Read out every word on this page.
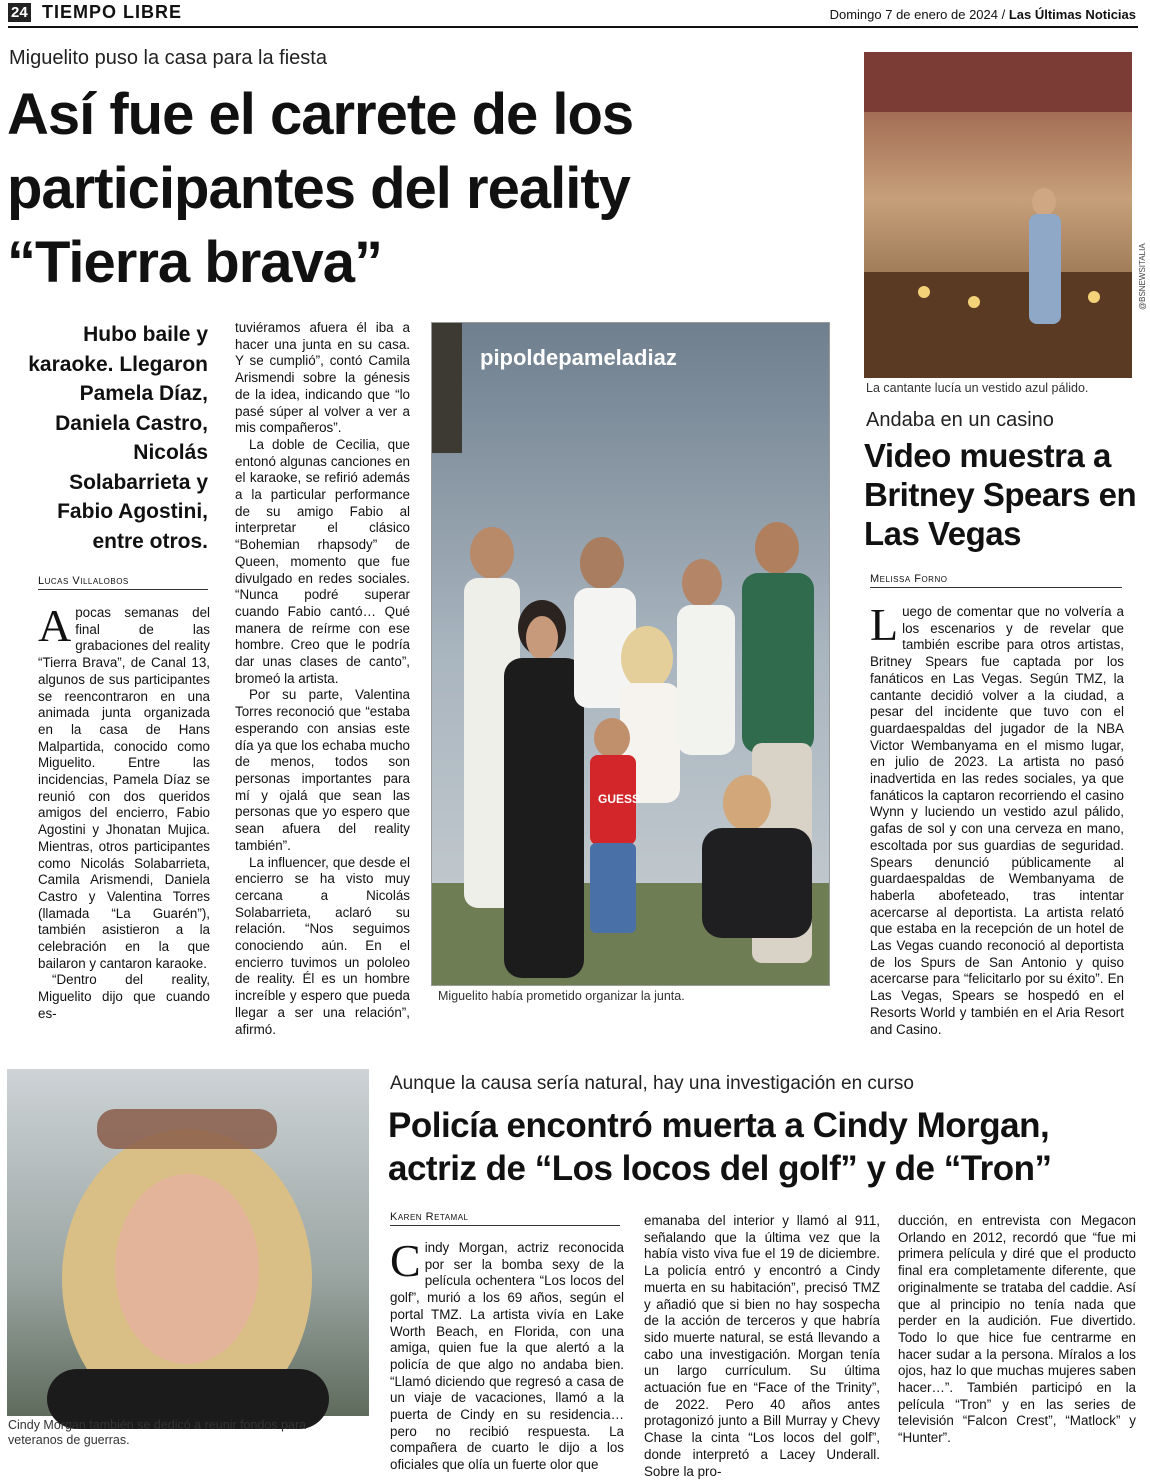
24 TIEMPO LIBRE	Domingo 7 de enero de 2024 / Las Últimas Noticias
Miguelito puso la casa para la fiesta
Así fue el carrete de los
participantes del reality
“Tierra brava”
Hubo baile y
karaoke. Llegaron
Pamela Díaz,
Daniela Castro,
Nicolás
Solabarrieta y
Fabio Agostini,
entre otros.
Lucas Villalobos

Apocas semanas del final de las grabaciones del reality “Tierra Brava”, de Canal 13, algunos de sus participantes se reencontraron en una animada junta organizada en la casa de Hans Malpartida, conocido como Miguelito. Entre las incidencias, Pamela Díaz se reunió con dos queridos amigos del encierro, Fabio Agostini y Jhonatan Mujica. Mientras, otros participantes como Nicolás Solabarrieta, Camila Arismendi, Daniela Castro y Valentina Torres (llamada “La Guarén”), también asistieron a la celebración en la que bailaron y cantaron karaoke.

“Dentro del reality, Miguelito dijo que cuando es-

tuviéramos afuera él iba a hacer una junta en su casa. Y se cumplió”, contó Camila Arismendi sobre la génesis de la idea, indicando que “lo pasé súper al volver a ver a mis compañeros”.

La doble de Cecilia, que entonó algunas canciones en el karaoke, se refirió además a la particular performance de su amigo Fabio al interpretar el clásico “Bohemian rhapsody” de Queen, momento que fue divulgado en redes sociales. “Nunca podré superar cuando Fabio cantó… Qué manera de reírme con ese hombre. Creo que le podría dar unas clases de canto”, bromeó la artista.

Por su parte, Valentina Torres reconoció que “estaba esperando con ansias este día ya que los echaba mucho de menos, todos son personas importantes para mí y ojalá que sean las personas que yo espero que sean afuera del reality también”.

La influencer, que desde el encierro se ha visto muy cercana a Nicolás Solabarrieta, aclaró su relación. “Nos seguimos conociendo aún. En el encierro tuvimos un pololeo de reality. Él es un hombre increíble y espero que pueda llegar a ser una relación”, afirmó.

pipoldepameladiaz
GUESS
Miguelito había prometido organizar la junta.
@BSNEWSITALIA
La cantante lucía un vestido azul pálido.
Andaba en un casino
Video muestra a
Britney Spears en
Las Vegas
Melissa Forno

Luego de comentar que no volvería a los escenarios y de revelar que también escribe para otros artistas, Britney Spears fue captada por los fanáticos en Las Vegas. Según TMZ, la cantante decidió volver a la ciudad, a pesar del incidente que tuvo con el guardaespaldas del jugador de la NBA Victor Wembanyama en el mismo lugar, en julio de 2023. La artista no pasó inadvertida en las redes sociales, ya que fanáticos la captaron recorriendo el casino Wynn y luciendo un vestido azul pálido, gafas de sol y con una cerveza en mano, escoltada por sus guardias de seguridad. Spears denunció públicamente al guardaespaldas de Wembanyama de haberla abofeteado, tras intentar acercarse al deportista. La artista relató que estaba en la recepción de un hotel de Las Vegas cuando reconoció al deportista de los Spurs de San Antonio y quiso acercarse para “felicitarlo por su éxito”. En Las Vegas, Spears se hospedó en el Resorts World y también en el Aria Resort and Casino.

Cindy Morgan también se dedicó a reunir fondos para veteranos de guerras.
Aunque la causa sería natural, hay una investigación en curso
Policía encontró muerta a Cindy Morgan,
actriz de “Los locos del golf” y de “Tron”
Karen Retamal

Cindy Morgan, actriz reconocida por ser la bomba sexy de la película ochentera “Los locos del golf”, murió a los 69 años, según el portal TMZ. La artista vivía en Lake Worth Beach, en Florida, con una amiga, quien fue la que alertó a la policía de que algo no andaba bien. “Llamó diciendo que regresó a casa de un viaje de vacaciones, llamó a la puerta de Cindy en su residencia… pero no recibió respuesta. La compañera de cuarto le dijo a los oficiales que olía un fuerte olor que

emanaba del interior y llamó al 911, señalando que la última vez que la había visto viva fue el 19 de diciembre. La policía entró y encontró a Cindy muerta en su habitación”, precisó TMZ y añadió que si bien no hay sospecha de la acción de terceros y que habría sido muerte natural, se está llevando a cabo una investigación. Morgan tenía un largo currículum. Su última actuación fue en “Face of the Trinity”, de 2022. Pero 40 años antes protagonizó junto a Bill Murray y Chevy Chase la cinta “Los locos del golf”, donde interpretó a Lacey Underall. Sobre la pro-

ducción, en entrevista con Megacon Orlando en 2012, recordó que “fue mi primera película y diré que el producto final era completamente diferente, que originalmente se trataba del caddie. Así que al principio no tenía nada que perder en la audición. Fue divertido. Todo lo que hice fue centrarme en hacer sudar a la persona. Míralos a los ojos, haz lo que muchas mujeres saben hacer…”. También participó en la película “Tron” y en las series de televisión “Falcon Crest”, “Matlock” y “Hunter”.
